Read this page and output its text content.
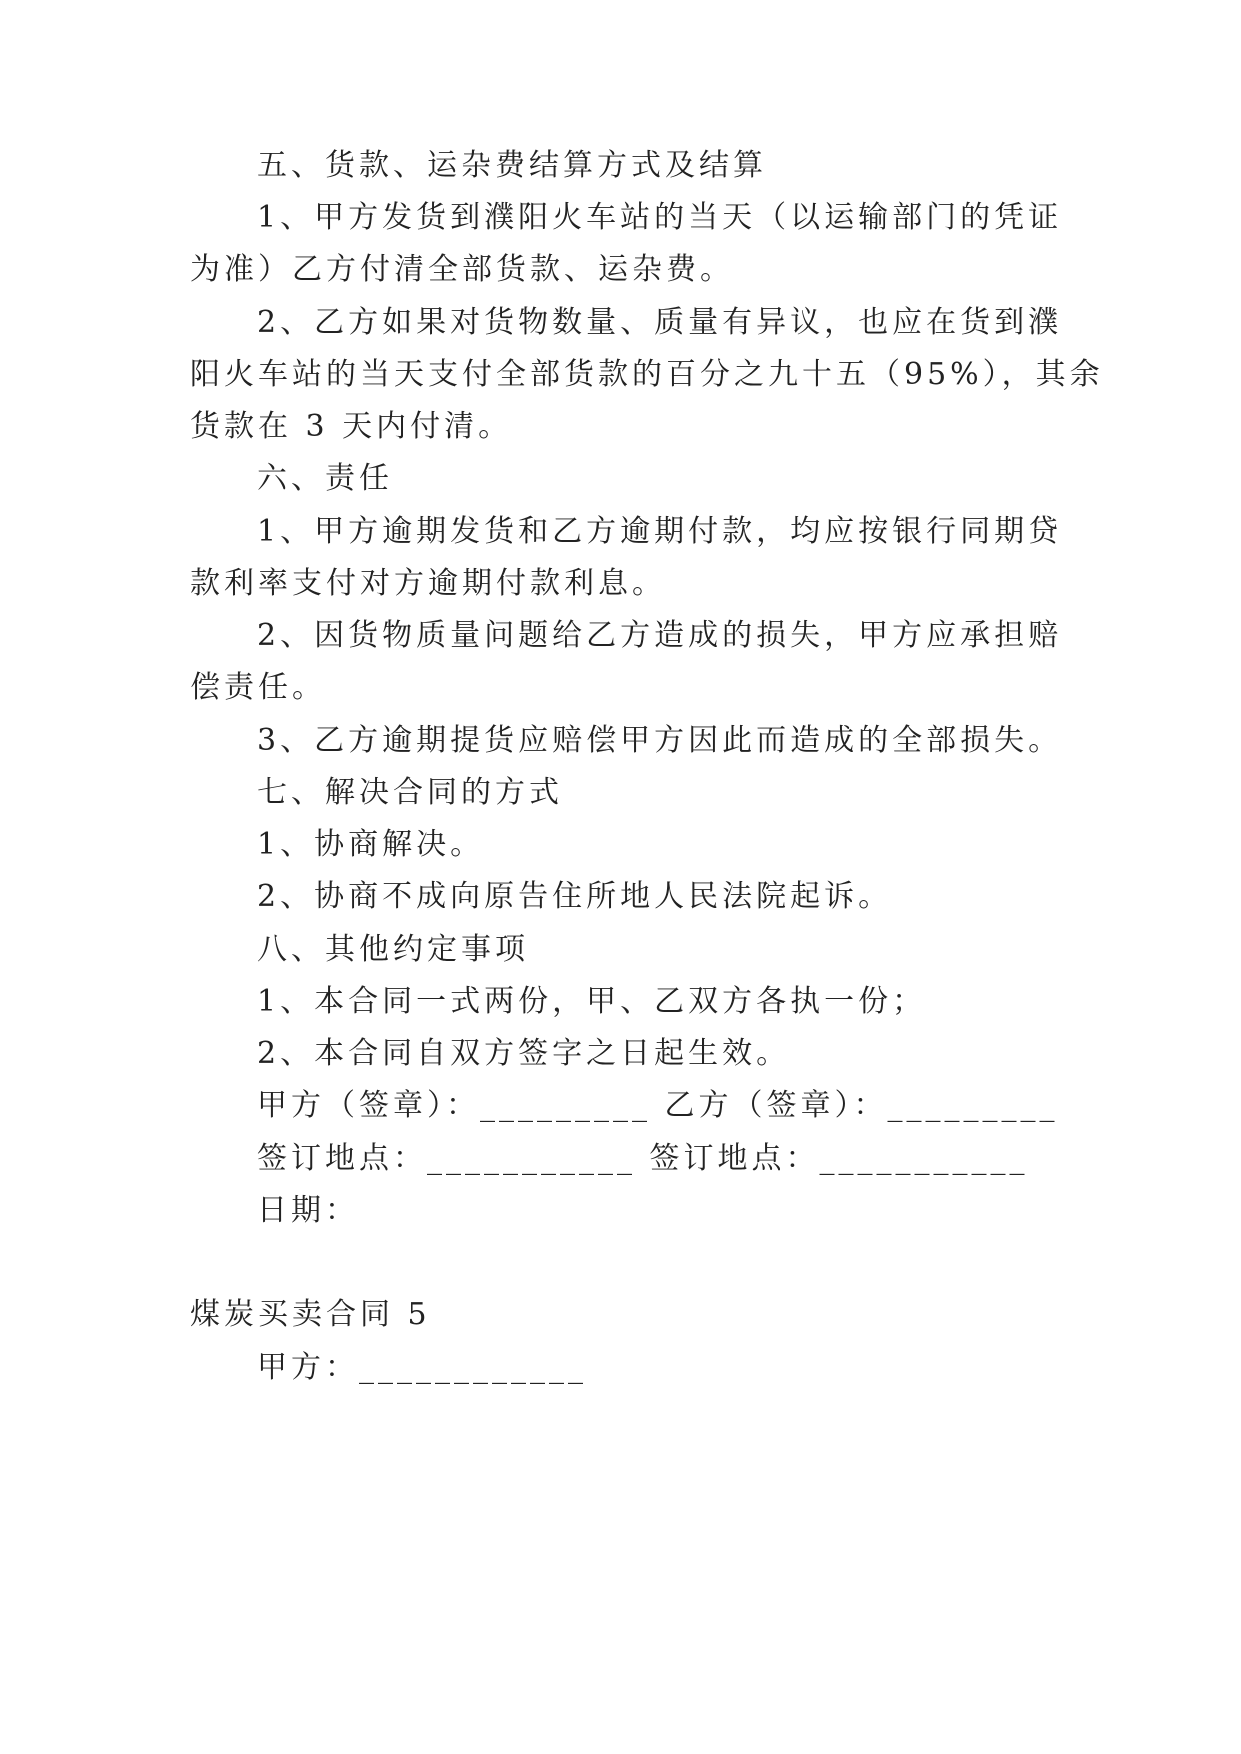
五、货款、运杂费结算方式及结算
1、甲方发货到濮阳火车站的当天（以运输部门的凭证
为准）乙方付清全部货款、运杂费。
2、乙方如果对货物数量、质量有异议，也应在货到濮
阳火车站的当天支付全部货款的百分之九十五（95%），其余
货款在 3 天内付清。
六、责任
1、甲方逾期发货和乙方逾期付款，均应按银行同期贷
款利率支付对方逾期付款利息。
2、因货物质量问题给乙方造成的损失，甲方应承担赔
偿责任。
3、乙方逾期提货应赔偿甲方因此而造成的全部损失。
七、解决合同的方式
1、协商解决。
2、协商不成向原告住所地人民法院起诉。
八、其他约定事项
1、本合同一式两份，甲、乙双方各执一份；
2、本合同自双方签字之日起生效。
甲方（签章）：_________ 乙方（签章）：_________
签订地点：___________ 签订地点：___________
日期：
煤炭买卖合同 5
甲方：____________
